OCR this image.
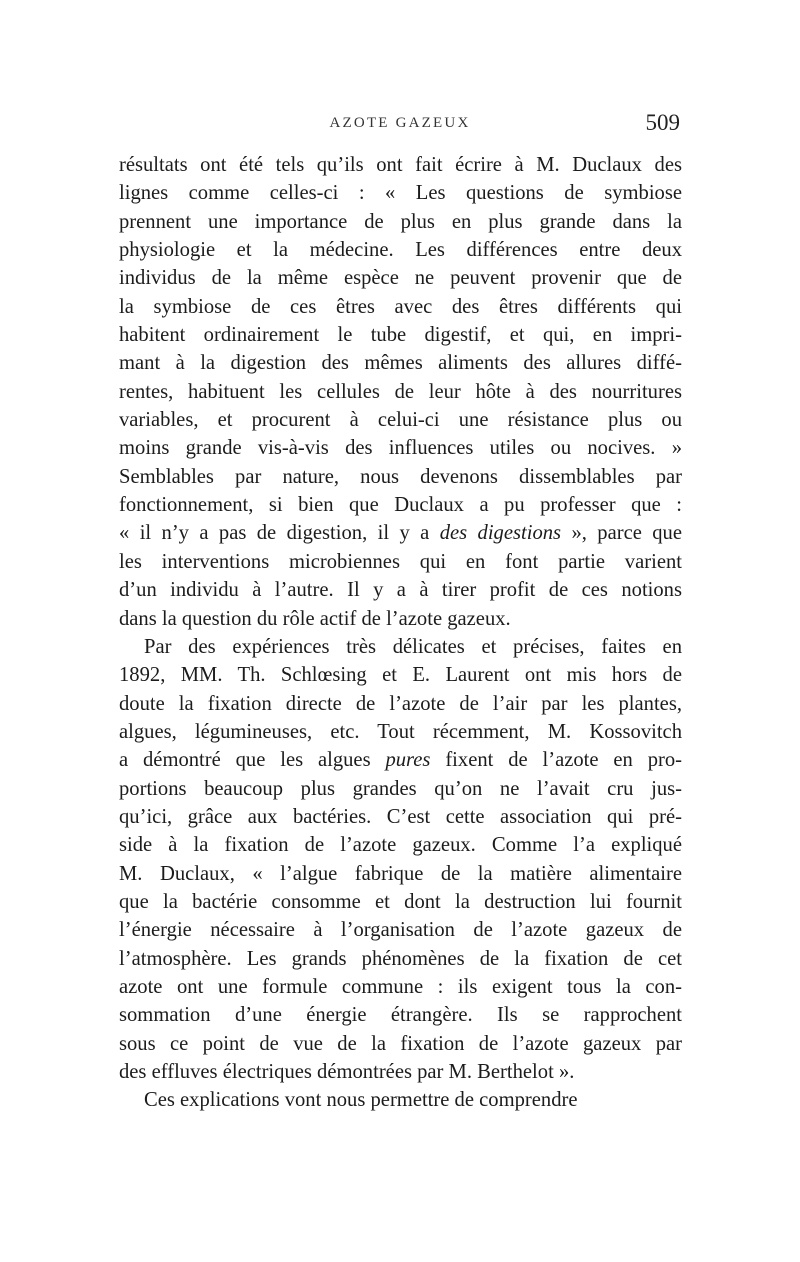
AZOTE GAZEUX	509
résultats ont été tels qu’ils ont fait écrire à M. Duclaux des
lignes comme celles-ci : « Les questions de symbiose
prennent une importance de plus en plus grande dans la
physiologie et la médecine. Les différences entre deux
individus de la même espèce ne peuvent provenir que de
la symbiose de ces êtres avec des êtres différents qui
habitent ordinairement le tube digestif, et qui, en impri-
mant à la digestion des mêmes aliments des allures diffé-
rentes, habituent les cellules de leur hôte à des nourritures
variables, et procurent à celui-ci une résistance plus ou
moins grande vis-à-vis des influences utiles ou nocives. »
Semblables par nature, nous devenons dissemblables par
fonctionnement, si bien que Duclaux a pu professer que :
« il n’y a pas de digestion, il y a des digestions », parce que
les interventions microbiennes qui en font partie varient
d’un individu à l’autre. Il y a à tirer profit de ces notions
dans la question du rôle actif de l’azote gazeux.
Par des expériences très délicates et précises, faites en
1892, MM. Th. Schlœsing et E. Laurent ont mis hors de
doute la fixation directe de l’azote de l’air par les plantes,
algues, légumineuses, etc. Tout récemment, M. Kossovitch
a démontré que les algues pures fixent de l’azote en pro-
portions beaucoup plus grandes qu’on ne l’avait cru jus-
qu’ici, grâce aux bactéries. C’est cette association qui pré-
side à la fixation de l’azote gazeux. Comme l’a expliqué
M. Duclaux, « l’algue fabrique de la matière alimentaire
que la bactérie consomme et dont la destruction lui fournit
l’énergie nécessaire à l’organisation de l’azote gazeux de
l’atmosphère. Les grands phénomènes de la fixation de cet
azote ont une formule commune : ils exigent tous la con-
sommation d’une énergie étrangère. Ils se rapprochent
sous ce point de vue de la fixation de l’azote gazeux par
des effluves électriques démontrées par M. Berthelot ».
Ces explications vont nous permettre de comprendre
